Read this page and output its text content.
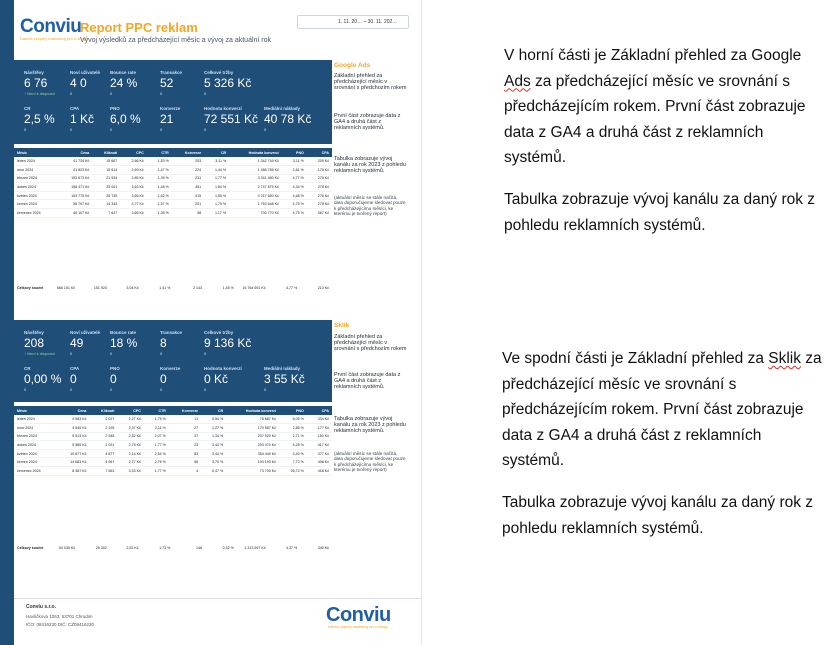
Conviu
Datově vyspělý marketing pro e-shopy
Report PPC reklam
Vývoj výsledků za předcházející měsíc a vývoj za aktuální rok
1. 11. 20… – 30. 11. 202…
Návštěvy
6 76
↑ Není k dispozici
Noví uživatelé
4 0
0
Bounce rate
24 %
0
Transakce
52
0
Celkové tržby
5 326 Kč
0
CR
2,5 %
0
CPA
1 Kč
0
PNO
6,0 %
0
Konverze
21
0
Hodnota konverzí
72 551 Kč
0
Mediální náklady
40 78 Kč
0
Google Ads
Základní přehled za předcházející měsíc v srovnání s předchozím rokem
První část zobrazuje data z GA4 a druhá část z reklamních systémů.
Měsíc	Cena	Kliknutí	CPC	CTR	Konverze	CR	Hodnota konverzí	PNO	CPA
leden 2024	41 734 Kč	15 667	2,66 Kč	1,53 %	203	3,11 %	1 342 749 Kč	3,11 %	205 Kč
únor 2024	41 823 Kč	15 514	2,69 Kč	1,47 %	224	1,44 %	1 488 789 Kč	2,81 %	175 Kč
březen 2024	153 673 Kč	21 934	2,85 Kč	1,39 %	231	1,77 %	3 341 460 Kč	4,77 %	275 Kč
duben 2024	158 471 Kč	25 041	3,63 Kč	1,45 %	451	1,84 %	2 747 875 Kč	4,34 %	278 Kč
květen 2024	153 775 Kč	26 735	3,65 Kč	1,62 %	415	1,55 %	3 217 650 Kč	4,48 %	276 Kč
červen 2024	55 797 Kč	14 343	3,77 Kč	1,57 %	201	1,75 %	1 763 648 Kč	4,75 %	278 Kč
červenec 2024	40 107 Kč	7 647	3,65 Kč	1,35 %	98	1,17 %	700 770 Kč	4,75 %	367 Kč
Tabulka zobrazuje vývoj kanálu za rok 2023 z pohledu reklamních systémů.
(aktuální měsíc se stále načítá, data doporučujeme sledovat pouze k předcházejícímu měsíci, ke kterému je tvořený report)
Celkový součet	668 101 Kč	151 920	3,04 Kč	1,41 %	2 143	1,45 %	15 764 691 Kč	4,77 %	213 Kč
Návštěvy
208
↑ Není k dispozici
Noví uživatelé
49
0
Bounce rate
18 %
0
Transakce
8
0
Celkové tržby
9 136 Kč
0
CR
0,00 %
0
CPA
0
0
PNO
0
0
Konverze
0
0
Hodnota konverzí
0 Kč
0
Mediální náklady
3 55 Kč
0
Sklik
Základní přehled za předcházející měsíc v srovnání s předchozím rokem
První část zobrazuje data z GA4 a druhá část z reklamních systémů.
Měsíc	Cena	Kliknutí	CPC	CTR	Konverze	CR	Hodnota konverzí	PNO	CPA
leden 2024	4 583 Kč	2 027	2,27 Kč	1,75 %	11	0,54 %	75 687 Kč	6,05 %	334 Kč
únor 2024	4 645 Kč	2 195	2,37 Kč	2,11 %	27	1,27 %	170 587 Kč	2,85 %	177 Kč
březen 2024	5 513 Kč	2 548	2,52 Kč	2,07 %	37	1,34 %	207 520 Kč	2,71 %	150 Kč
duben 2024	5 585 Kč	2 021	2,75 Kč	1,77 %	23	3,44 %	203 470 Kč	4,25 %	417 Kč
květen 2024	10 677 Kč	4 877	2,14 Kč	2,54 %	83	3,44 %	354 440 Kč	3,40 %	377 Kč
červen 2024	14 683 Kč	4 967	2,77 Kč	2,76 %	56	3,70 %	193 190 Kč	7,72 %	408 Kč
červenec 2024	8 387 Kč	7 563	3,33 Kč	1,77 %	4	0,47 %	73 700 Kč	26,72 %	418 Kč
Tabulka zobrazuje vývoj kanálu za rok 2023 z pohledu reklamních systémů.
(aktuální měsíc se stále načítá, data doporučujeme sledovat pouze k předcházejícímu měsíci, ke kterému je tvořený report)
Celkový součet	54 035 Kč	26 302	2,53 Kč	1,73 %	146	0,32 %	1 313 597 Kč	4,37 %	340 Kč
Conviu s.r.o.
Havlíčkova 1063, 53701 Chrudim
IČO: 08416230 DIČ: CZ08416230	Conviu
Datově vyspělý marketing pro e-shopy
V horní části je Základní přehled za Google Ads za předcházející měsíc ve srovnání s předcházejícím rokem. První část zobrazuje data z GA4 a druhá část z reklamních systémů.
Tabulka zobrazuje vývoj kanálu za daný rok z pohledu reklamních systémů.
Ve spodní části je Základní přehled za Sklik za předcházející měsíc ve srovnání s předcházejícím rokem. První část zobrazuje data z GA4 a druhá část z reklamních systémů.
Tabulka zobrazuje vývoj kanálu za daný rok z pohledu reklamních systémů.
